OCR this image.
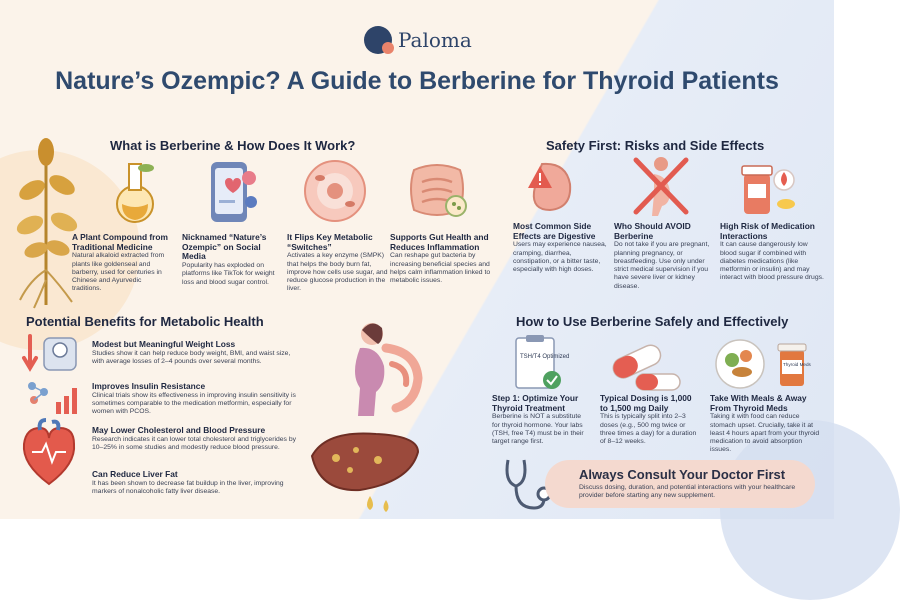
Paloma
Nature’s Ozempic? A Guide to Berberine for Thyroid Patients
What is Berberine & How Does It Work?
A Plant Compound from Traditional Medicine
Natural alkaloid extracted from plants like goldenseal and barberry, used for centuries in Chinese and Ayurvedic traditions.
Nicknamed “Nature’s Ozempic” on Social Media
Popularity has exploded on platforms like TikTok for weight loss and blood sugar control.
It Flips Key Metabolic “Switches”
Activates a key enzyme (SMPK) that helps the body burn fat, improve how cells use sugar, and reduce glucose production in the liver.
Supports Gut Health and Reduces Inflammation
Can reshape gut bacteria by increasing beneficial species and helps calm inflammation linked to metabolic issues.
Safety First: Risks and Side Effects
Most Common Side Effects are Digestive
Users may experience nausea, cramping, diarrhea, constipation, or a bitter taste, especially with high doses.
Who Should AVOID Berberine
Do not take if you are pregnant, planning pregnancy, or breastfeeding. Use only under strict medical supervision if you have severe liver or kidney disease.
High Risk of Medication Interactions
It can cause dangerously low blood sugar if combined with diabetes medications (like metformin or insulin) and may interact with blood pressure drugs.
Potential Benefits for Metabolic Health
Modest but Meaningful Weight Loss
Studies show it can help reduce body weight, BMI, and waist size, with average losses of 2–4 pounds over several months.
Improves Insulin Resistance
Clinical trials show its effectiveness in improving insulin sensitivity is sometimes comparable to the medication metformin, especially for women with PCOS.
May Lower Cholesterol and Blood Pressure
Research indicates it can lower total cholesterol and triglycerides by 10–25% in some studies and modestly reduce blood pressure.
Can Reduce Liver Fat
It has been shown to decrease fat buildup in the liver, improving markers of nonalcoholic fatty liver disease.
How to Use Berberine Safely and Effectively
TSH/T4 Optimized
Thyroid Meds
Step 1: Optimize Your Thyroid Treatment
Berberine is NOT a substitute for thyroid hormone. Your labs (TSH, free T4) must be in their target range first.
Typical Dosing is 1,000 to 1,500 mg Daily
This is typically split into 2–3 doses (e.g., 500 mg twice or three times a day) for a duration of 8–12 weeks.
Take With Meals & Away From Thyroid Meds
Taking it with food can reduce stomach upset. Crucially, take it at least 4 hours apart from your thyroid medication to avoid absorption issues.
Always Consult Your Doctor First
Discuss dosing, duration, and potential interactions with your healthcare provider before starting any new supplement.
